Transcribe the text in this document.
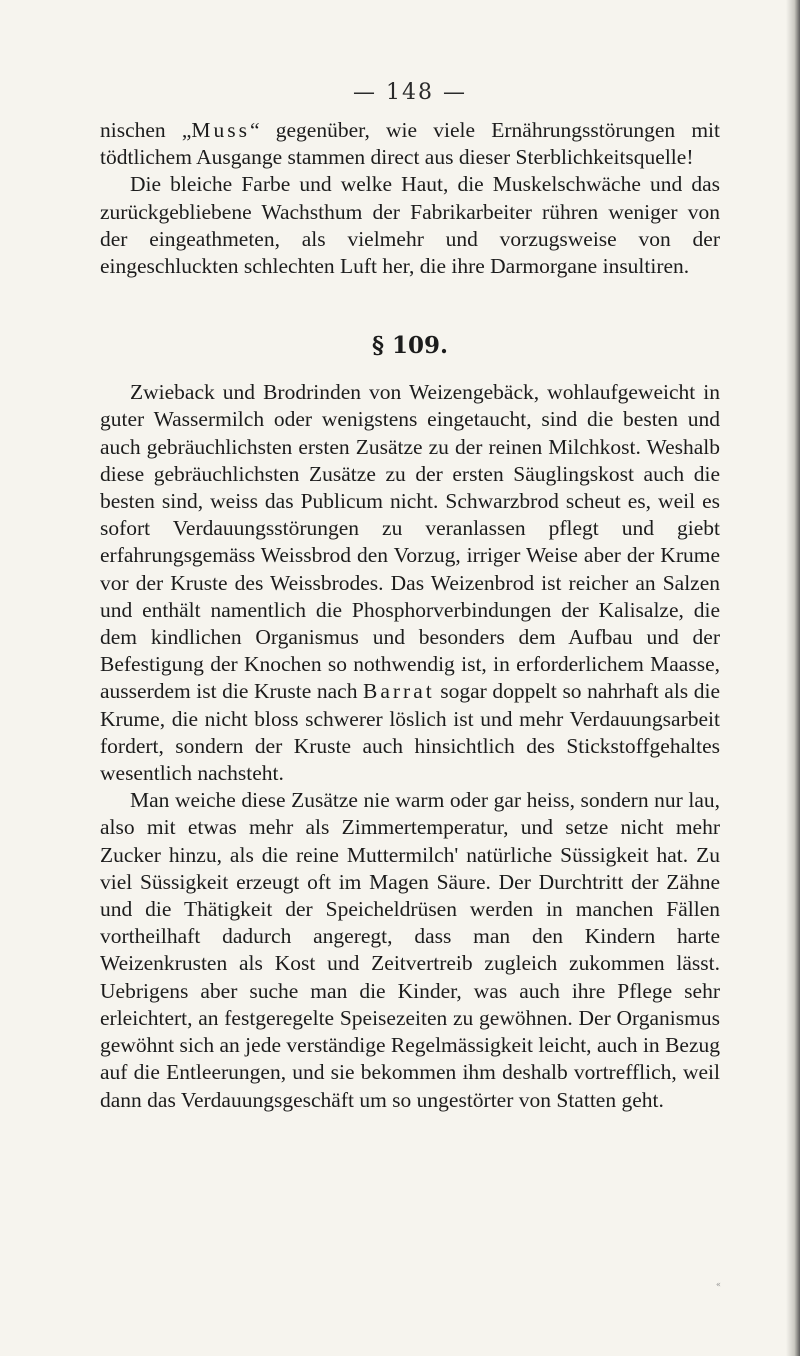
— 148 —

nischen „Muss“ gegenüber, wie viele Ernährungsstörungen mit tödtlichem Ausgange stammen direct aus dieser Sterblichkeitsquelle!

Die bleiche Farbe und welke Haut, die Muskelschwäche und das zurückgebliebene Wachsthum der Fabrikarbeiter rühren weniger von der eingeathmeten, als vielmehr und vorzugsweise von der eingeschluckten schlechten Luft her, die ihre Darmorgane insultiren.

§ 109.

Zwieback und Brodrinden von Weizengebäck, wohlaufgeweicht in guter Wassermilch oder wenigstens eingetaucht, sind die besten und auch gebräuchlichsten ersten Zusätze zu der reinen Milchkost. Weshalb diese gebräuchlichsten Zusätze zu der ersten Säuglingskost auch die besten sind, weiss das Publicum nicht. Schwarzbrod scheut es, weil es sofort Verdauungsstörungen zu veranlassen pflegt und giebt erfahrungsgemäss Weissbrod den Vorzug, irriger Weise aber der Krume vor der Kruste des Weissbrodes. Das Weizenbrod ist reicher an Salzen und enthält namentlich die Phosphorverbindungen der Kalisalze, die dem kindlichen Organismus und besonders dem Aufbau und der Befestigung der Knochen so nothwendig ist, in erforderlichem Maasse, ausserdem ist die Kruste nach Barrat sogar doppelt so nahrhaft als die Krume, die nicht bloss schwerer löslich ist und mehr Verdauungsarbeit fordert, sondern der Kruste auch hinsichtlich des Stickstoffgehaltes wesentlich nachsteht.

Man weiche diese Zusätze nie warm oder gar heiss, sondern nur lau, also mit etwas mehr als Zimmertemperatur, und setze nicht mehr Zucker hinzu, als die reine Muttermilch' natürliche Süssigkeit hat. Zu viel Süssigkeit erzeugt oft im Magen Säure. Der Durchtritt der Zähne und die Thätigkeit der Speicheldrüsen werden in manchen Fällen vortheilhaft dadurch angeregt, dass man den Kindern harte Weizenkrusten als Kost und Zeitvertreib zugleich zukommen lässt. Uebrigens aber suche man die Kinder, was auch ihre Pflege sehr erleichtert, an festgeregelte Speisezeiten zu gewöhnen. Der Organismus gewöhnt sich an jede verständige Regelmässigkeit leicht, auch in Bezug auf die Entleerungen, und sie bekommen ihm deshalb vortrefflich, weil dann das Verdauungsgeschäft um so ungestörter von Statten geht.

«
